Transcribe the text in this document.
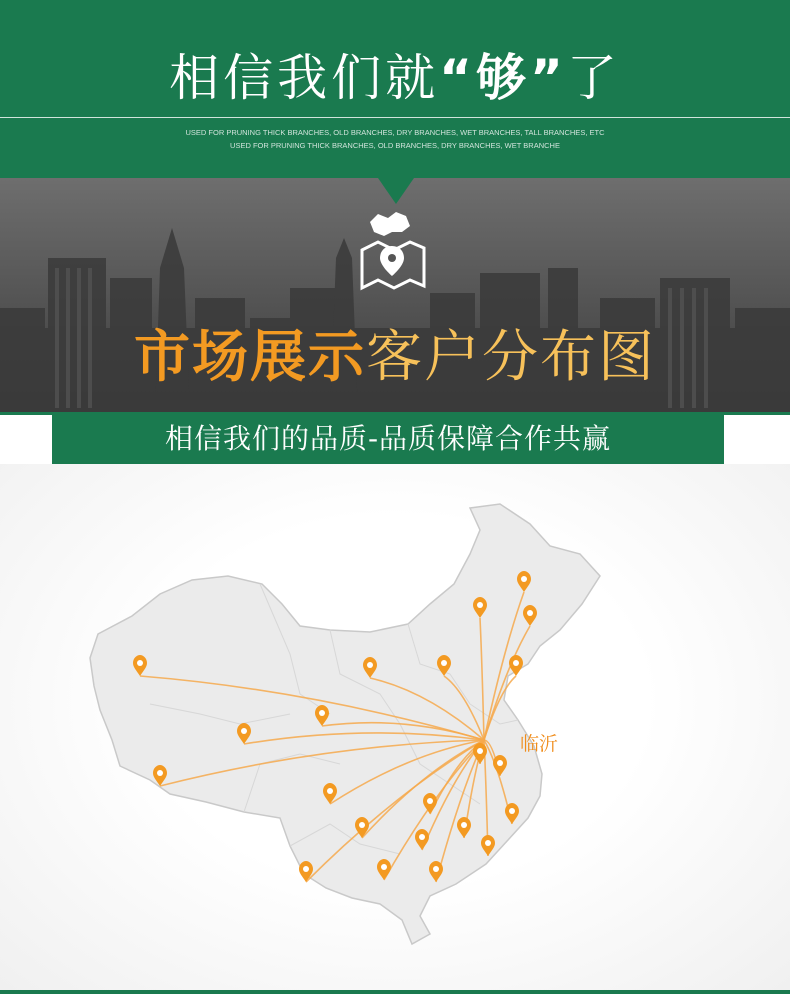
相信我们就“够”了
USED FOR PRUNING THICK BRANCHES, OLD BRANCHES, DRY BRANCHES, WET BRANCHES, TALL BRANCHES, ETC
USED FOR PRUNING THICK BRANCHES, OLD BRANCHES, DRY BRANCHES, WET BRANCHE
市场展示客户分布图
临沂
相信我们的品质-品质保障合作共赢
